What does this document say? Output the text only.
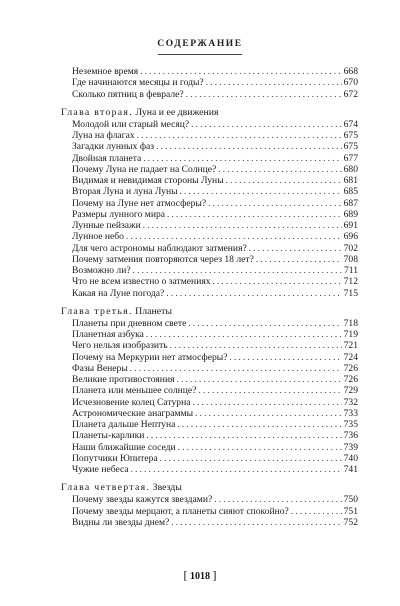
СОДЕРЖАНИЕ
Неземное время . . .	668
Где начинаются месяцы и годы? . . .	670
Сколько пятниц в феврале? . . .	672
Глава вторая. Луна и ее движения
Молодой или старый месяц? . . .	674
Луна на флагах . . .	675
Загадки лунных фаз . . .	675
Двойная планета . . .	677
Почему Луна не падает на Солнце? . . .	680
Видимая и невидимая стороны Луны . . .	681
Вторая Луна и луна Луны . . .	685
Почему на Луне нет атмосферы? . . .	687
Размеры лунного мира . . .	689
Лунные пейзажи . . .	691
Лунное небо . . .	696
Для чего астрономы наблюдают затмения? . . .	702
Почему затмения повторяются через 18 лет? . . .	708
Возможно ли? . . .	711
Что не всем известно о затмениях . . .	712
Какая на Луне погода? . . .	715
Глава третья. Планеты
Планеты при дневном свете . . .	718
Планетная азбука . . .	719
Чего нельзя изобразить . . .	721
Почему на Меркурии нет атмосферы? . . .	724
Фазы Венеры . . .	726
Великие противостояния . . .	726
Планета или меньшее солнце? . . .	729
Исчезновение колец Сатурна . . .	732
Астрономические анаграммы . . .	733
Планета дальше Нептуна . . .	735
Планеты-карлики . . .	736
Наши ближайшие соседи . . .	739
Попутчики Юпитера . . .	740
Чужие небеса . . .	741
Глава четвертая. Звезды
Почему звезды кажутся звездами? . . .	750
Почему звезды мерцают, а планеты сияют спокойно? . . .	751
Видны ли звезды днем? . . .	752
[ 1018 ]
